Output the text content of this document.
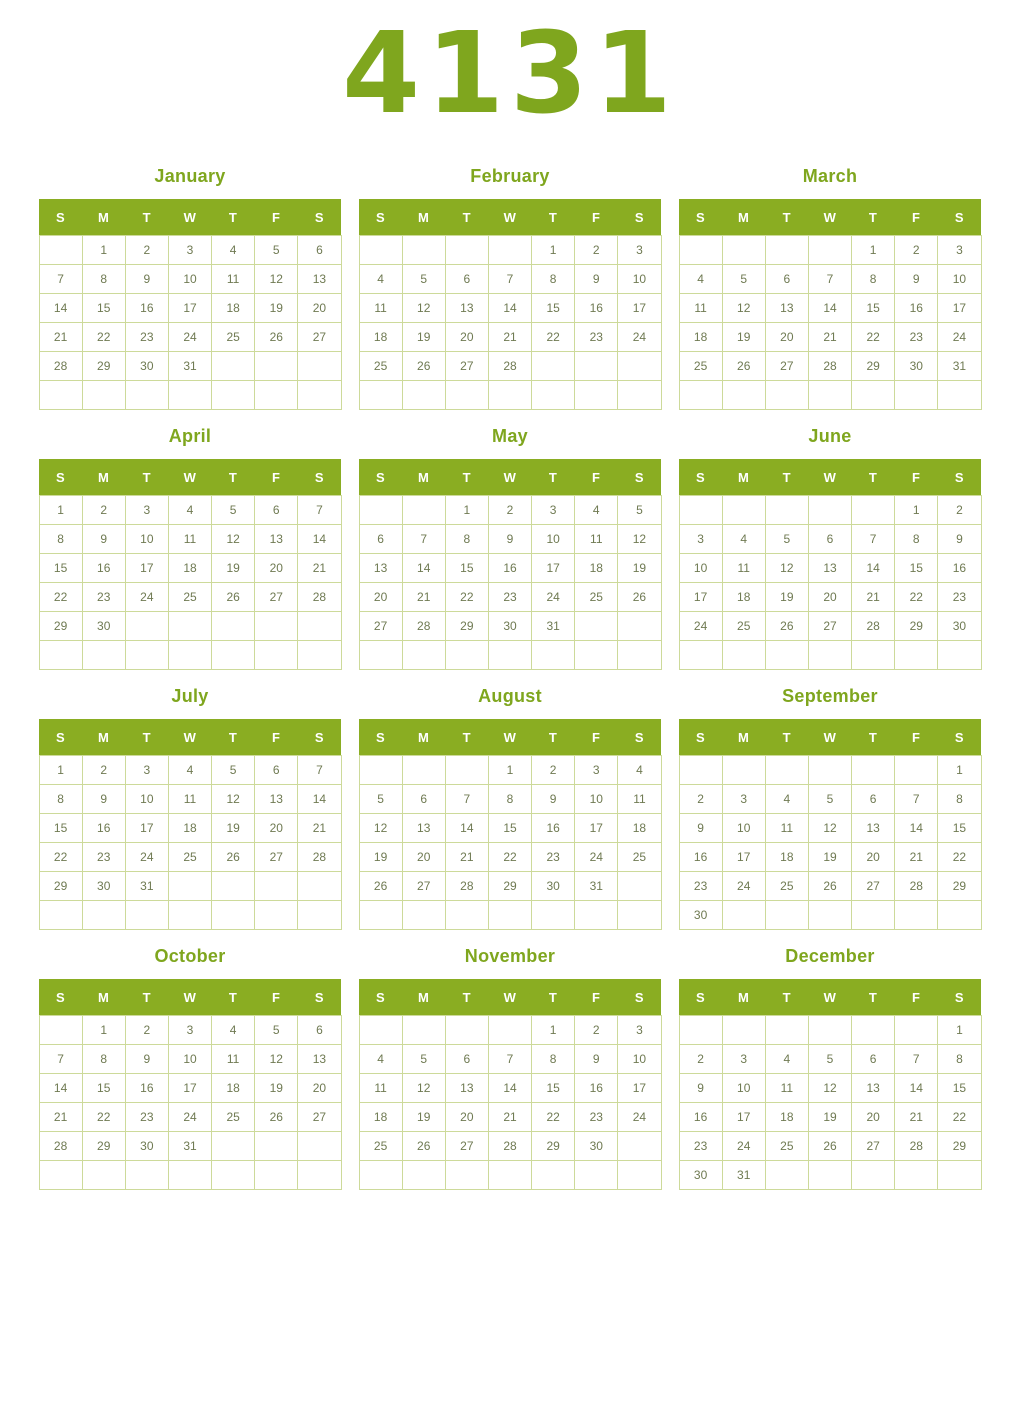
4131
January
S	M	T	W	T	F	S
	1	2	3	4	5	6
7	8	9	10	11	12	13
14	15	16	17	18	19	20
21	22	23	24	25	26	27
28	29	30	31			

February
S	M	T	W	T	F	S
				1	2	3
4	5	6	7	8	9	10
11	12	13	14	15	16	17
18	19	20	21	22	23	24
25	26	27	28			

March
S	M	T	W	T	F	S
				1	2	3
4	5	6	7	8	9	10
11	12	13	14	15	16	17
18	19	20	21	22	23	24
25	26	27	28	29	30	31

April
S	M	T	W	T	F	S
1	2	3	4	5	6	7
8	9	10	11	12	13	14
15	16	17	18	19	20	21
22	23	24	25	26	27	28
29	30					

May
S	M	T	W	T	F	S
		1	2	3	4	5
6	7	8	9	10	11	12
13	14	15	16	17	18	19
20	21	22	23	24	25	26
27	28	29	30	31		

June
S	M	T	W	T	F	S
					1	2
3	4	5	6	7	8	9
10	11	12	13	14	15	16
17	18	19	20	21	22	23
24	25	26	27	28	29	30

July
S	M	T	W	T	F	S
1	2	3	4	5	6	7
8	9	10	11	12	13	14
15	16	17	18	19	20	21
22	23	24	25	26	27	28
29	30	31				

August
S	M	T	W	T	F	S
			1	2	3	4
5	6	7	8	9	10	11
12	13	14	15	16	17	18
19	20	21	22	23	24	25
26	27	28	29	30	31	

September
S	M	T	W	T	F	S
						1
2	3	4	5	6	7	8
9	10	11	12	13	14	15
16	17	18	19	20	21	22
23	24	25	26	27	28	29
30						
October
S	M	T	W	T	F	S
	1	2	3	4	5	6
7	8	9	10	11	12	13
14	15	16	17	18	19	20
21	22	23	24	25	26	27
28	29	30	31			

November
S	M	T	W	T	F	S
				1	2	3
4	5	6	7	8	9	10
11	12	13	14	15	16	17
18	19	20	21	22	23	24
25	26	27	28	29	30	

December
S	M	T	W	T	F	S
						1
2	3	4	5	6	7	8
9	10	11	12	13	14	15
16	17	18	19	20	21	22
23	24	25	26	27	28	29
30	31					
